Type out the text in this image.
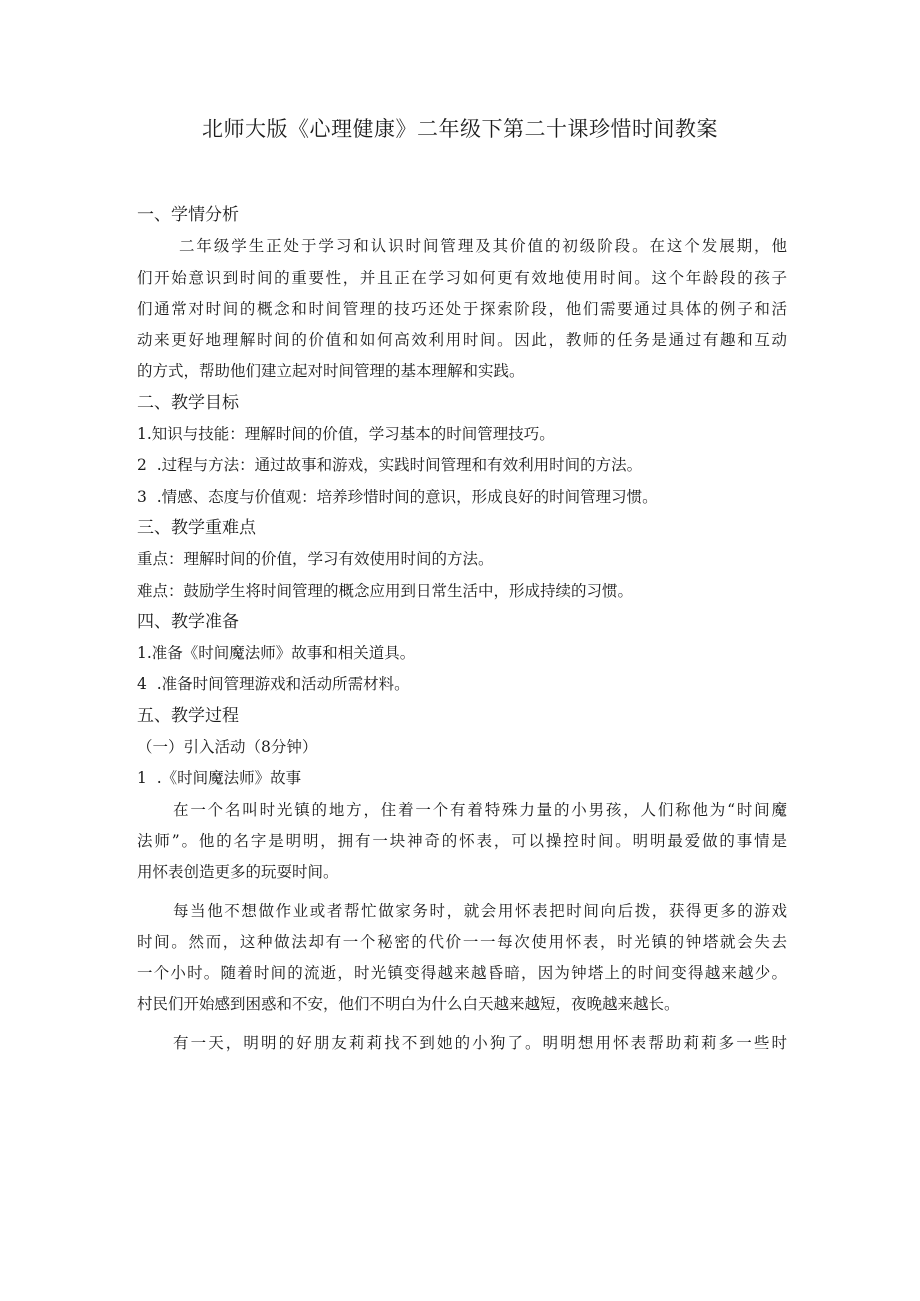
北师大版《心理健康》二年级下第二十课珍惜时间教案
一、学情分析
二年级学生正处于学习和认识时间管理及其价值的初级阶段。在这个发展期，他
们开始意识到时间的重要性，并且正在学习如何更有效地使用时间。这个年龄段的孩子
们通常对时间的概念和时间管理的技巧还处于探索阶段，他们需要通过具体的例子和活
动来更好地理解时间的价值和如何高效利用时间。因此，教师的任务是通过有趣和互动
的方式，帮助他们建立起对时间管理的基本理解和实践。
二、教学目标
1.知识与技能：理解时间的价值，学习基本的时间管理技巧。
2  .过程与方法：通过故事和游戏，实践时间管理和有效利用时间的方法。
3  .情感、态度与价值观：培养珍惜时间的意识，形成良好的时间管理习惯。
三、教学重难点
重点：理解时间的价值，学习有效使用时间的方法。
难点：鼓励学生将时间管理的概念应用到日常生活中，形成持续的习惯。
四、教学准备
1.准备《时间魔法师》故事和相关道具。
4  .准备时间管理游戏和活动所需材料。
五、教学过程
（一）引入活动（8分钟）
1  .《时间魔法师》故事
在一个名叫时光镇的地方，住着一个有着特殊力量的小男孩，人们称他为“时间魔
法师”。他的名字是明明，拥有一块神奇的怀表，可以操控时间。明明最爱做的事情是
用怀表创造更多的玩耍时间。
每当他不想做作业或者帮忙做家务时，就会用怀表把时间向后拨，获得更多的游戏
时间。然而，这种做法却有一个秘密的代价一一每次使用怀表，时光镇的钟塔就会失去
一个小时。随着时间的流逝，时光镇变得越来越昏暗，因为钟塔上的时间变得越来越少。
村民们开始感到困惑和不安，他们不明白为什么白天越来越短，夜晚越来越长。
有一天，明明的好朋友莉莉找不到她的小狗了。明明想用怀表帮助莉莉多一些时
